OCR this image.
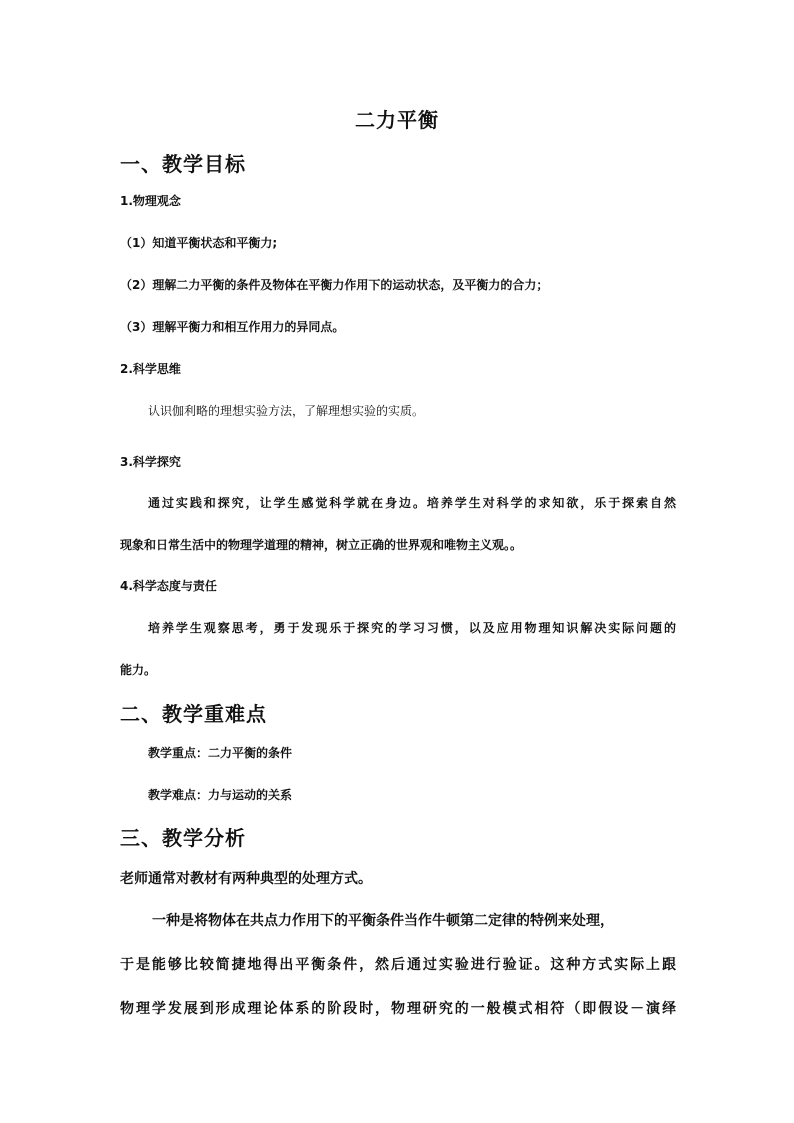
二力平衡
一、教学目标
1.物理观念
（1）知道平衡状态和平衡力;
（2）理解二力平衡的条件及物体在平衡力作用下的运动状态，及平衡力的合力；
（3）理解平衡力和相互作用力的异同点。
2.科学思维
认识伽利略的理想实验方法，了解理想实验的实质。
3.科学探究
通过实践和探究，让学生感觉科学就在身边。培养学生对科学的求知欲，乐于探索自然
现象和日常生活中的物理学道理的精神，树立正确的世界观和唯物主义观。。
4.科学态度与责任
培养学生观察思考，勇于发现乐于探究的学习习惯，以及应用物理知识解决实际问题的
能力。
二、教学重难点
教学重点：二力平衡的条件
教学难点：力与运动的关系
三、教学分析
老师通常对教材有两种典型的处理方式。
一种是将物体在共点力作用下的平衡条件当作牛顿第二定律的特例来处理，
于是能够比较简捷地得出平衡条件，然后通过实验进行验证。这种方式实际上跟
物理学发展到形成理论体系的阶段时，物理研究的一般模式相符（即假设－演绎
